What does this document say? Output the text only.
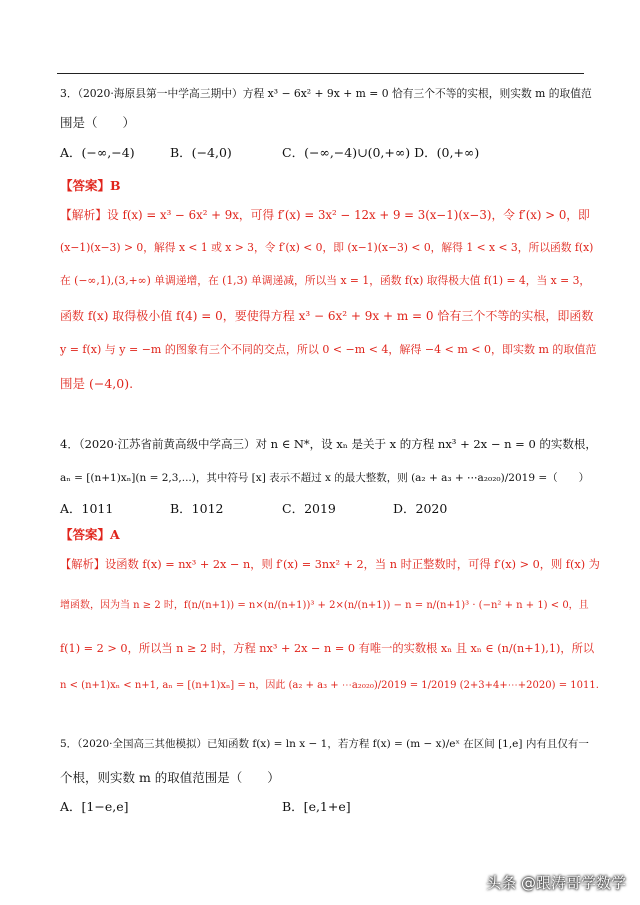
3．（2020·海原县第一中学高三期中）方程 x³ − 6x² + 9x + m = 0 恰有三个不等的实根，则实数 m 的取值范
围是（　　）
A．(−∞,−4)	B．(−4,0)	C．(−∞,−4)∪(0,+∞) D．(0,+∞)
【答案】B
【解析】设 f(x) = x³ − 6x² + 9x，可得 f′(x) = 3x² − 12x + 9 = 3(x−1)(x−3)，令 f′(x) > 0，即
(x−1)(x−3) > 0，解得 x < 1 或 x > 3，令 f′(x) < 0，即 (x−1)(x−3) < 0，解得 1 < x < 3，所以函数 f(x)
在 (−∞,1),(3,+∞) 单调递增，在 (1,3) 单调递减，所以当 x = 1，函数 f(x) 取得极大值 f(1) = 4，当 x = 3，
函数 f(x) 取得极小值 f(4) = 0，要使得方程 x³ − 6x² + 9x + m = 0 恰有三个不等的实根，即函数
y = f(x) 与 y = −m 的图象有三个不同的交点，所以 0 < −m < 4，解得 −4 < m < 0，即实数 m 的取值范
围是 (−4,0).
4．（2020·江苏省前黄高级中学高三）对 n ∈ N*，设 xₙ 是关于 x 的方程 nx³ + 2x − n = 0 的实数根，
aₙ = [(n+1)xₙ](n = 2,3,...)，其中符号 [x] 表示不超过 x 的最大整数，则 (a₂ + a₃ + ⋯a₂₀₂₀)/2019 =（　　）
A．1011	B．1012	C．2019	D．2020
【答案】A
【解析】设函数 f(x) = nx³ + 2x − n，则 f′(x) = 3nx² + 2，当 n 时正整数时，可得 f′(x) > 0，则 f(x) 为
增函数，因为当 n ≥ 2 时，f(n/(n+1)) = n×(n/(n+1))³ + 2×(n/(n+1)) − n = n/(n+1)³ · (−n² + n + 1) < 0，且
f(1) = 2 > 0，所以当 n ≥ 2 时，方程 nx³ + 2x − n = 0 有唯一的实数根 xₙ 且 xₙ ∈ (n/(n+1),1)，所以
n < (n+1)xₙ < n+1, aₙ = [(n+1)xₙ] = n，因此 (a₂ + a₃ + ⋯a₂₀₂₀)/2019 = 1/2019 (2+3+4+⋯+2020) = 1011.
5．（2020·全国高三其他模拟）已知函数 f(x) = ln x − 1，若方程 f(x) = (m − x)/eˣ 在区间 [1,e] 内有且仅有一
个根，则实数 m 的取值范围是（　　）
A．[1−e,e]	B．[e,1+e]
头条 @跟涛哥学数学
